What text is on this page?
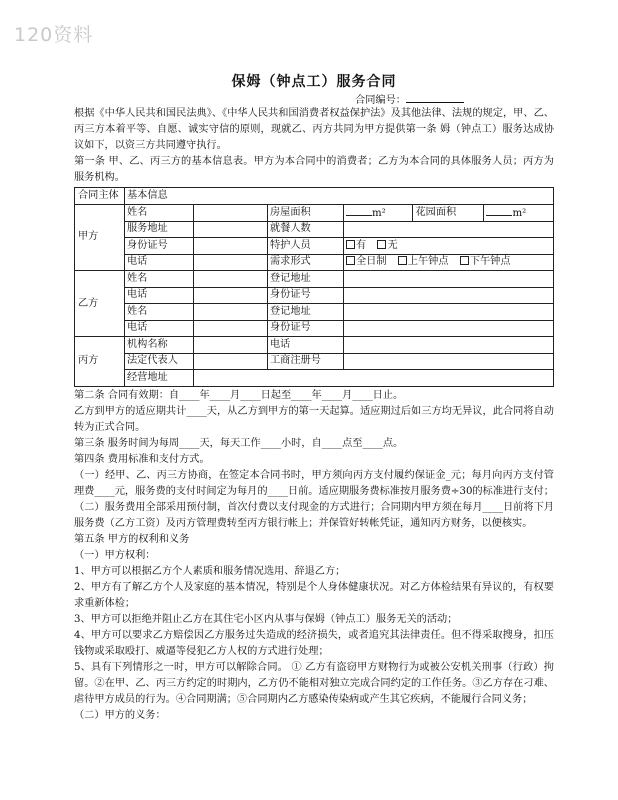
120资料
保姆（钟点工）服务合同
合同编号：
根据《中华人民共和国民法典》、《中华人民共和国消费者权益保护法》及其他法律、法规的规定，甲、乙、丙三方本着平等、自愿、诚实守信的原则，现就乙、丙方共同为甲方提供第一条 姆（钟点工）服务达成协议如下，以资三方共同遵守执行。
第一条 甲、乙、丙三方的基本信息表。甲方为本合同中的消费者；乙方为本合同的具体服务人员；丙方为服务机构。
合同主体	基本信息					
甲方	姓名		房屋面积	m²	花园面积	m²
	服务地址		就餐人数			
	身份证号		特护人员	有 无		
	电话		需求形式	全日制 上午钟点 下午钟点		
乙方	姓名		登记地址			
	电话		身份证号			
	姓名		登记地址			
	电话		身份证号			
丙方	机构名称		电话			
	法定代表人		工商注册号			
	经营地址					
第二条 合同有效期：自____年____月____日起至____年____月____日止。
乙方到甲方的适应期共计____天，从乙方到甲方的第一天起算。适应期过后如三方均无异议，此合同将自动转为正式合同。
第三条 服务时间为每周____天，每天工作____小时，自____点至____点。
第四条 费用标准和支付方式。
（一）经甲、乙、丙三方协商，在签定本合同书时，甲方须向丙方支付履约保证金_元；每月向丙方支付管理费____元，服务费的支付时间定为每月的____日前。适应期服务费标准按月服务费÷30的标准进行支付；
（二）服务费用全部采用预付制，首次付费以支付现金的方式进行；合同期内甲方须在每月____日前将下月服务费（乙方工资）及丙方管理费转至丙方银行帐上；并保管好转帐凭证，通知丙方财务，以便核实。
第五条 甲方的权利和义务
（一）甲方权利：
1、甲方可以根据乙方个人素质和服务情况选用、辞退乙方；
2、甲方有了解乙方个人及家庭的基本情况，特别是个人身体健康状况。对乙方体检结果有异议的，有权要求重新体检；
3、甲方可以拒绝并阻止乙方在其住宅小区内从事与保姆（钟点工）服务无关的活动；
4、甲方可以要求乙方赔偿因乙方服务过失造成的经济损失，或者追究其法律责任。但不得采取搜身，扣压钱物或采取殴打、威逼等侵犯乙方人权的方式进行处理；
5、具有下列情形之一时，甲方可以解除合同。 ① 乙方有盗窃甲方财物行为或被公安机关刑事（行政）拘留。②在甲、乙、丙三方约定的时期内，乙方仍不能相对独立完成合同约定的工作任务。③乙方存在刁难、虐待甲方成员的行为。④合同期满；⑤合同期内乙方感染传染病或产生其它疾病，不能履行合同义务；
（二）甲方的义务：
